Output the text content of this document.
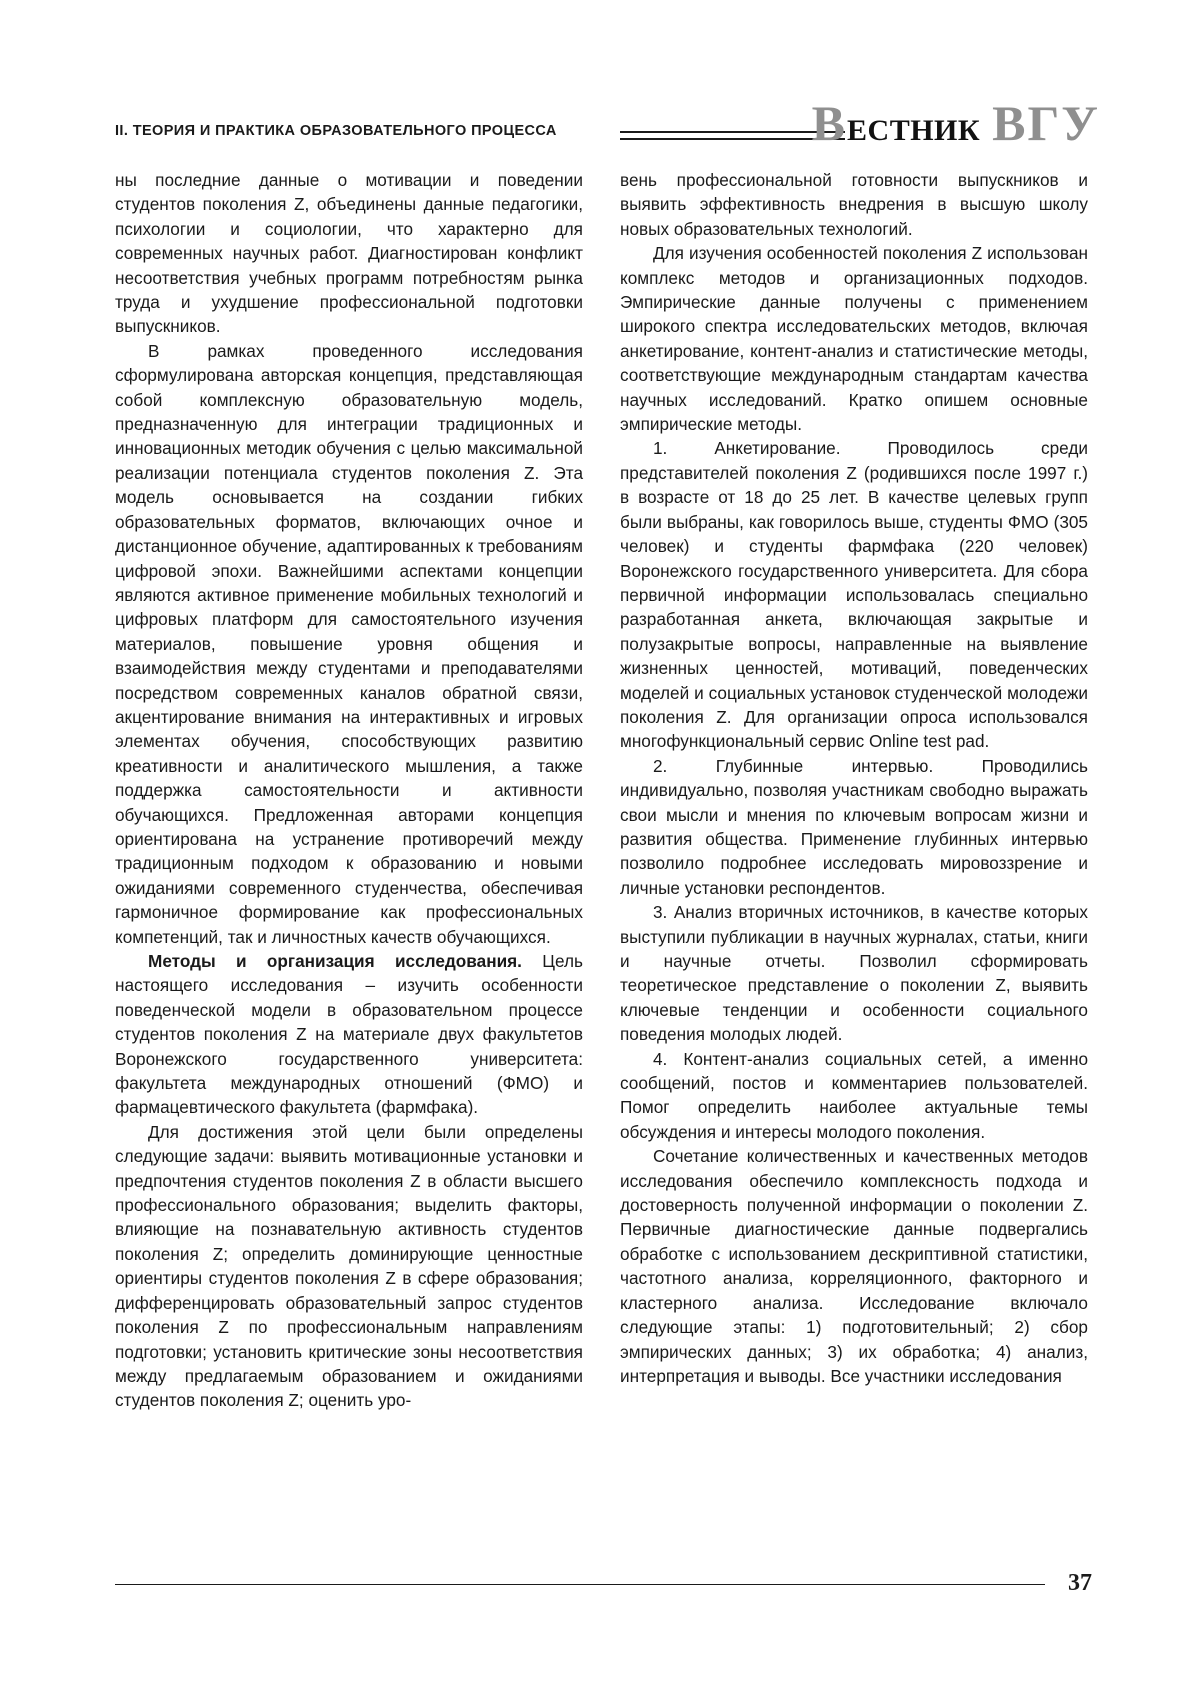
II. ТЕОРИЯ И ПРАКТИКА ОБРАЗОВАТЕЛЬНОГО ПРОЦЕССА	ВЕСТНИК ВГУ

ны последние данные о мотивации и поведении студентов поколения Z, объединены данные педагогики, психологии и социологии, что характерно для современных научных работ. Диагностирован конфликт несоответствия учебных программ потребностям рынка труда и ухудшение профессиональной подготовки выпускников.

В рамках проведенного исследования сформулирована авторская концепция, представляющая собой комплексную образовательную модель, предназначенную для интеграции традиционных и инновационных методик обучения с целью максимальной реализации потенциала студентов поколения Z. Эта модель основывается на создании гибких образовательных форматов, включающих очное и дистанционное обучение, адаптированных к требованиям цифровой эпохи. Важнейшими аспектами концепции являются активное применение мобильных технологий и цифровых платформ для самостоятельного изучения материалов, повышение уровня общения и взаимодействия между студентами и преподавателями посредством современных каналов обратной связи, акцентирование внимания на интерактивных и игровых элементах обучения, способствующих развитию креативности и аналитического мышления, а также поддержка самостоятельности и активности обучающихся. Предложенная авторами концепция ориентирована на устранение противоречий между традиционным подходом к образованию и новыми ожиданиями современного студенчества, обеспечивая гармоничное формирование как профессиональных компетенций, так и личностных качеств обучающихся.

Методы и организация исследования. Цель настоящего исследования – изучить особенности поведенческой модели в образовательном процессе студентов поколения Z на материале двух факультетов Воронежского государственного университета: факультета международных отношений (ФМО) и фармацевтического факультета (фармфака).

Для достижения этой цели были определены следующие задачи: выявить мотивационные установки и предпочтения студентов поколения Z в области высшего профессионального образования; выделить факторы, влияющие на познавательную активность студентов поколения Z; определить доминирующие ценностные ориентиры студентов поколения Z в сфере образования; дифференцировать образовательный запрос студентов поколения Z по профессиональным направлениям подготовки; установить критические зоны несоответствия между предлагаемым образованием и ожиданиями студентов поколения Z; оценить уро-

вень профессиональной готовности выпускников и выявить эффективность внедрения в высшую школу новых образовательных технологий.

Для изучения особенностей поколения Z использован комплекс методов и организационных подходов. Эмпирические данные получены с применением широкого спектра исследовательских методов, включая анкетирование, контент-анализ и статистические методы, соответствующие международным стандартам качества научных исследований. Кратко опишем основные эмпирические методы.

1. Анкетирование. Проводилось среди представителей поколения Z (родившихся после 1997 г.) в возрасте от 18 до 25 лет. В качестве целевых групп были выбраны, как говорилось выше, студенты ФМО (305 человек) и студенты фармфака (220 человек) Воронежского государственного университета. Для сбора первичной информации использовалась специально разработанная анкета, включающая закрытые и полузакрытые вопросы, направленные на выявление жизненных ценностей, мотиваций, поведенческих моделей и социальных установок студенческой молодежи поколения Z. Для организации опроса использовался многофункциональный сервис Online test pad.

2. Глубинные интервью. Проводились индивидуально, позволяя участникам свободно выражать свои мысли и мнения по ключевым вопросам жизни и развития общества. Применение глубинных интервью позволило подробнее исследовать мировоззрение и личные установки респондентов.

3. Анализ вторичных источников, в качестве которых выступили публикации в научных журналах, статьи, книги и научные отчеты. Позволил сформировать теоретическое представление о поколении Z, выявить ключевые тенденции и особенности социального поведения молодых людей.

4. Контент-анализ социальных сетей, а именно сообщений, постов и комментариев пользователей. Помог определить наиболее актуальные темы обсуждения и интересы молодого поколения.

Сочетание количественных и качественных методов исследования обеспечило комплексность подхода и достоверность полученной информации о поколении Z. Первичные диагностические данные подвергались обработке с использованием дескриптивной статистики, частотного анализа, корреляционного, факторного и кластерного анализа. Исследование включало следующие этапы: 1) подготовительный; 2) сбор эмпирических данных; 3) их обработка; 4) анализ, интерпретация и выводы. Все участники исследования

37
